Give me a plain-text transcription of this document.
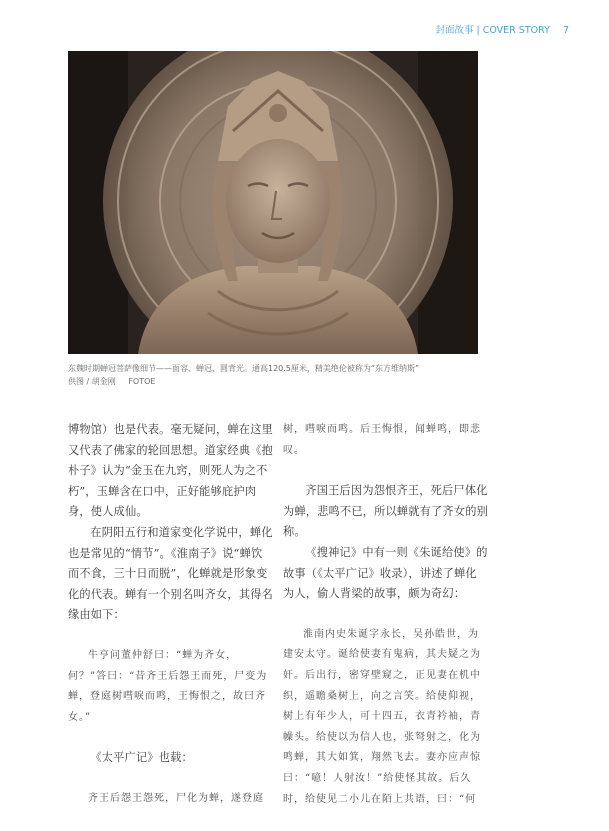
封面故事 | COVER STORY 7
东魏时期蝉冠菩萨像细节——面容、蝉冠、圆背光。通高120.5厘米，精美绝伦被称为“东方维纳斯”
供图 / 胡金刚 FOTOE

博物馆）也是代表。毫无疑问，蝉在这里又代表了佛家的轮回思想。道家经典《抱朴子》认为“金玉在九窍，则死人为之不朽”，玉蝉含在口中，正好能够庇护肉身，使人成仙。

在阴阳五行和道家变化学说中，蝉化也是常见的“情节”。《淮南子》说“蝉饮而不食，三十日而脱”，化蝉就是形象变化的代表。蝉有一个别名叫齐女，其得名缘由如下：

牛亨问董仲舒曰：“蝉为齐女，何？”答曰：“昔齐王后怨王而死，尸变为蝉，登庭树嘒唳而鸣，王悔恨之，故曰齐女。”

《太平广记》也载：

齐王后怨王怨死，尸化为蝉，遂登庭

树，嘒唳而鸣。后王悔恨，闻蝉鸣，即悲叹。

齐国王后因为怨恨齐王，死后尸体化为蝉，悲鸣不已，所以蝉就有了齐女的别称。

《搜神记》中有一则《朱诞给使》的故事（《太平广记》收录），讲述了蝉化为人，偷人背梁的故事，颇为奇幻：

淮南内史朱诞字永长，吴孙皓世，为建安太守。诞给使妻有鬼病，其夫疑之为奸。后出行，密穿壁窥之，正见妻在机中织，遥瞻桑树上，向之言笑。给使仰视，树上有年少人，可十四五，衣青衿袖，青幧头。给使以为信人也，张弩射之，化为鸣蝉，其大如箕，翔然飞去。妻亦应声惊曰：“噫！人射汝！”给使怪其故。后久时，给使见二小儿在陌上共语，曰：“何
